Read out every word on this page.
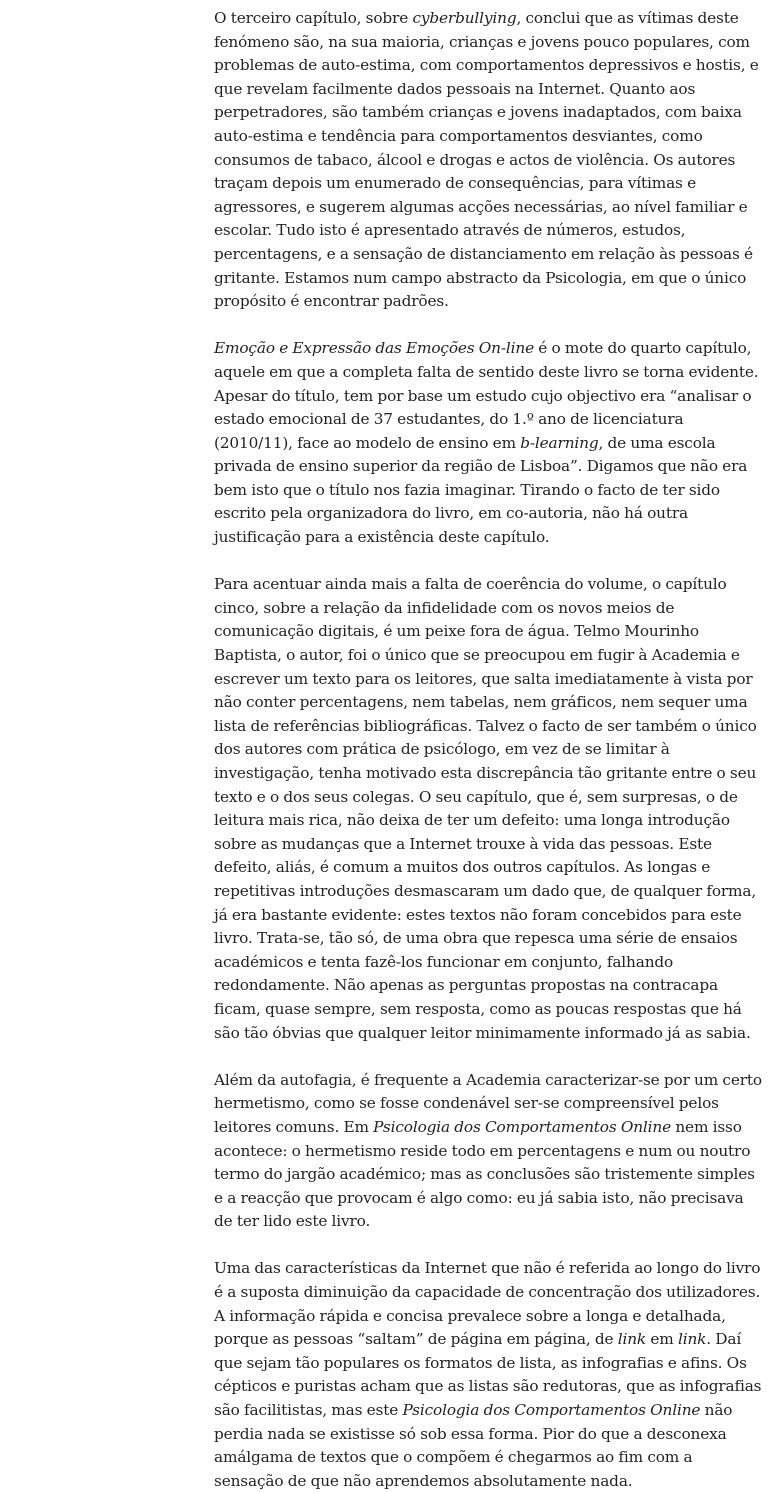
O terceiro capítulo, sobre cyberbullying, conclui que as vítimas deste fenómeno são, na sua maioria, crianças e jovens pouco populares, com problemas de auto-estima, com comportamentos depressivos e hostis, e que revelam facilmente dados pessoais na Internet. Quanto aos perpetradores, são também crianças e jovens inadaptados, com baixa auto-estima e tendência para comportamentos desviantes, como consumos de tabaco, álcool e drogas e actos de violência. Os autores traçam depois um enumerado de consequências, para vítimas e agressores, e sugerem algumas acções necessárias, ao nível familiar e escolar. Tudo isto é apresentado através de números, estudos, percentagens, e a sensação de distanciamento em relação às pessoas é gritante. Estamos num campo abstracto da Psicologia, em que o único propósito é encontrar padrões.

Emoção e Expressão das Emoções On-line é o mote do quarto capítulo, aquele em que a completa falta de sentido deste livro se torna evidente. Apesar do título, tem por base um estudo cujo objectivo era “analisar o estado emocional de 37 estudantes, do 1.º ano de licenciatura (2010/11), face ao modelo de ensino em b-learning, de uma escola privada de ensino superior da região de Lisboa”. Digamos que não era bem isto que o título nos fazia imaginar. Tirando o facto de ter sido escrito pela organizadora do livro, em co-autoria, não há outra justificação para a existência deste capítulo.

Para acentuar ainda mais a falta de coerência do volume, o capítulo cinco, sobre a relação da infidelidade com os novos meios de comunicação digitais, é um peixe fora de água. Telmo Mourinho Baptista, o autor, foi o único que se preocupou em fugir à Academia e escrever um texto para os leitores, que salta imediatamente à vista por não conter percentagens, nem tabelas, nem gráficos, nem sequer uma lista de referências bibliográficas. Talvez o facto de ser também o único dos autores com prática de psicólogo, em vez de se limitar à investigação, tenha motivado esta discrepância tão gritante entre o seu texto e o dos seus colegas. O seu capítulo, que é, sem surpresas, o de leitura mais rica, não deixa de ter um defeito: uma longa introdução sobre as mudanças que a Internet trouxe à vida das pessoas. Este defeito, aliás, é comum a muitos dos outros capítulos. As longas e repetitivas introduções desmascaram um dado que, de qualquer forma, já era bastante evidente: estes textos não foram concebidos para este livro. Trata-se, tão só, de uma obra que repesca uma série de ensaios académicos e tenta fazê-los funcionar em conjunto, falhando redondamente. Não apenas as perguntas propostas na contracapa ficam, quase sempre, sem resposta, como as poucas respostas que há são tão óbvias que qualquer leitor minimamente informado já as sabia.

Além da autofagia, é frequente a Academia caracterizar-se por um certo hermetismo, como se fosse condenável ser-se compreensível pelos leitores comuns. Em Psicologia dos Comportamentos Online nem isso acontece: o hermetismo reside todo em percentagens e num ou noutro termo do jargão académico; mas as conclusões são tristemente simples e a reacção que provocam é algo como: eu já sabia isto, não precisava de ter lido este livro.

Uma das características da Internet que não é referida ao longo do livro é a suposta diminuição da capacidade de concentração dos utilizadores. A informação rápida e concisa prevalece sobre a longa e detalhada, porque as pessoas “saltam” de página em página, de link em link. Daí que sejam tão populares os formatos de lista, as infografias e afins. Os cépticos e puristas acham que as listas são redutoras, que as infografias são facilitistas, mas este Psicologia dos Comportamentos Online não perdia nada se existisse só sob essa forma. Pior do que a desconexa amálgama de textos que o compõem é chegarmos ao fim com a sensação de que não aprendemos absolutamente nada.
